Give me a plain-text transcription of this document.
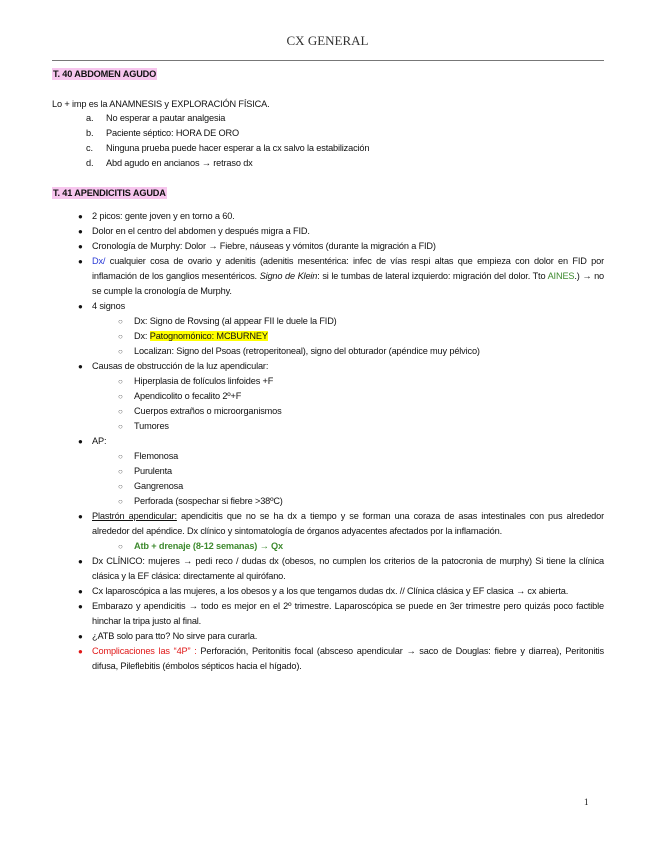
CX GENERAL
T. 40 ABDOMEN AGUDO
Lo + imp es la ANAMNESIS y EXPLORACIÓN FÍSICA.
a.	No esperar a pautar analgesia
b.	Paciente séptico: HORA DE ORO
c.	Ninguna prueba puede hacer esperar a la cx salvo la estabilización
d.	Abd agudo en ancianos → retraso dx
T. 41 APENDICITIS AGUDA
●	2 picos: gente joven y en torno a 60.
●	Dolor en el centro del abdomen y después migra a FID.
●	Cronología de Murphy: Dolor → Fiebre, náuseas y vómitos (durante la migración a FID)
●	Dx/ cualquier cosa de ovario y adenitis (adenitis mesentérica: infec de vías respi altas que empieza con dolor en FID por inflamación de los ganglios mesentéricos. Signo de Klein: si le tumbas de lateral izquierdo: migración del dolor. Tto AINES.) → no se cumple la cronología de Murphy.
●	4 signos
○	Dx: Signo de Rovsing (al appear FII le duele la FID)
○	Dx: Patognomónico: MCBURNEY
○	Localizan: Signo del Psoas (retroperitoneal), signo del obturador (apéndice muy pélvico)
●	Causas de obstrucción de la luz apendicular:
○	Hiperplasia de folículos linfoides +F
○	Apendicolito o fecalito 2º+F
○	Cuerpos extraños o microorganismos
○	Tumores
●	AP:
○	Flemonosa
○	Purulenta
○	Gangrenosa
○	Perforada (sospechar si fiebre >38ºC)
●	Plastrón apendicular: apendicitis que no se ha dx a tiempo y se forman una coraza de asas intestinales con pus alrededor alrededor del apéndice. Dx clínico y sintomatología de órganos adyacentes afectados por la inflamación.
○	Atb + drenaje (8-12 semanas) → Qx
●	Dx CLÍNICO: mujeres → pedi reco / dudas dx (obesos, no cumplen los criterios de la patocronia de murphy) Si tiene la clínica clásica y la EF clásica: directamente al quirófano.
●	Cx laparoscópica a las mujeres, a los obesos y a los que tengamos dudas dx. // Clínica clásica y EF clasica → cx abierta.
●	Embarazo y apendicitis → todo es mejor en el 2º trimestre. Laparoscópica se puede en 3er trimestre pero quizás poco factible hinchar la tripa justo al final.
●	¿ATB solo para tto? No sirve para curarla.
●	Complicaciones las “4P” : Perforación, Peritonitis focal (absceso apendicular → saco de Douglas: fiebre y diarrea), Peritonitis difusa, Pileflebitis (émbolos sépticos hacia el hígado).
1
